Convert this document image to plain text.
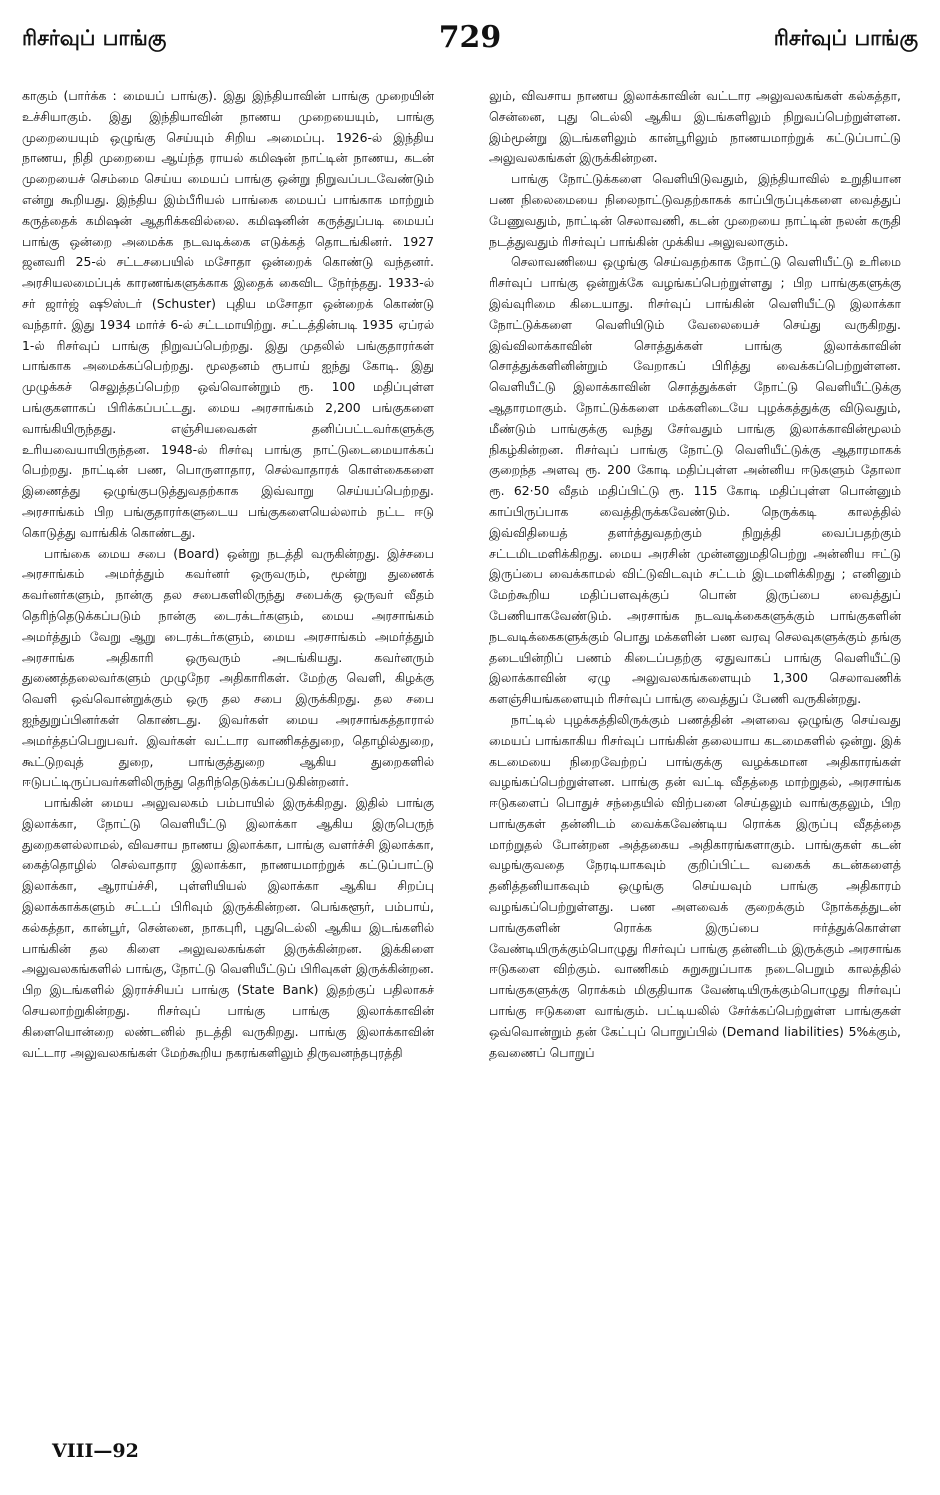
ரிசர்வுப் பாங்கு	729	ரிசர்வுப் பாங்கு

காகும் (பார்க்க : மையப் பாங்கு). இது இந்தியாவின் பாங்கு முறையின் உச்சியாகும். இது இந்தியாவின் நாணய முறையையும், பாங்கு முறையையும் ஒழுங்கு செய்யும் சிறிய அமைப்பு. 1926-ல் இந்திய நாணய, நிதி முறையை ஆய்ந்த ராயல் கமிஷன் நாட்டின் நாணய, கடன் முறையைச் செம்மை செய்ய மையப் பாங்கு ஒன்று நிறுவப்படவேண்டும் என்று கூறியது. இந்திய இம்பீரியல் பாங்கை மையப் பாங்காக மாற்றும் கருத்தைக் கமிஷன் ஆதரிக்கவில்லை. கமிஷனின் கருத்துப்படி மையப் பாங்கு ஒன்றை அமைக்க நடவடிக்கை எடுக்கத் தொடங்கினர். 1927 ஜனவரி 25-ல் சட்டசபையில் மசோதா ஒன்றைக் கொண்டு வந்தனர். அரசியலமைப்புக் காரணங்களுக்காக இதைக் கைவிட நேர்ந்தது. 1933-ல் சர் ஜார்ஜ் ஷூஸ்டர் (Schuster) புதிய மசோதா ஒன்றைக் கொண்டு வந்தார். இது 1934 மார்ச் 6-ல் சட்டமாயிற்று. சட்டத்தின்படி 1935 ஏப்ரல் 1-ல் ரிசர்வுப் பாங்கு நிறுவப்பெற்றது. இது முதலில் பங்குதாரர்கள் பாங்காக அமைக்கப்பெற்றது. மூலதனம் ரூபாய் ஐந்து கோடி. இது முழுக்கச் செலுத்தப்பெற்ற ஒவ்வொன்றும் ரூ. 100 மதிப்புள்ள பங்குகளாகப் பிரிக்கப்பட்டது. மைய அரசாங்கம் 2,200 பங்குகளை வாங்கியிருந்தது. எஞ்சியவைகள் தனிப்பட்டவர்களுக்கு உரியவையாயிருந்தன. 1948-ல் ரிசர்வு பாங்கு நாட்டுடைமையாக்கப் பெற்றது. நாட்டின் பண, பொருளாதார, செல்வாதாரக் கொள்கைகளை இணைத்து ஒழுங்குபடுத்துவதற்காக இவ்வாறு செய்யப்பெற்றது. அரசாங்கம் பிற பங்குதாரர்களுடைய பங்குகளையெல்லாம் நட்ட ஈடு கொடுத்து வாங்கிக் கொண்டது.

பாங்கை மைய சபை (Board) ஒன்று நடத்தி வருகின்றது. இச்சபை அரசாங்கம் அமர்த்தும் கவர்னர் ஒருவரும், மூன்று துணைக் கவர்னர்களும், நான்கு தல சபைகளிலிருந்து சபைக்கு ஒருவர் வீதம் தெரிந்தெடுக்கப்படும் நான்கு டைரக்டர்களும், மைய அரசாங்கம் அமர்த்தும் வேறு ஆறு டைரக்டர்களும், மைய அரசாங்கம் அமர்த்தும் அரசாங்க அதிகாரி ஒருவரும் அடங்கியது. கவர்னரும் துணைத்தலைவர்களும் முழுநேர அதிகாரிகள். மேற்கு வெளி, கிழக்கு வெளி ஒவ்வொன்றுக்கும் ஒரு தல சபை இருக்கிறது. தல சபை ஐந்துறுப்பினர்கள் கொண்டது. இவர்கள் மைய அரசாங்கத்தாரால் அமர்த்தப்பெறுபவர். இவர்கள் வட்டார வாணிகத்துறை, தொழில்துறை, கூட்டுறவுத் துறை, பாங்குத்துறை ஆகிய துறைகளில் ஈடுபட்டிருப்பவர்களிலிருந்து தெரிந்தெடுக்கப்படுகின்றனர்.

பாங்கின் மைய அலுவலகம் பம்பாயில் இருக்கிறது. இதில் பாங்கு இலாக்கா, நோட்டு வெளியீட்டு இலாக்கா ஆகிய இருபெருந் துறைகளல்லாமல், விவசாய நாணய இலாக்கா, பாங்கு வளர்ச்சி இலாக்கா, கைத்தொழில் செல்வாதார இலாக்கா, நாணயமாற்றுக் கட்டுப்பாட்டு இலாக்கா, ஆராய்ச்சி, புள்ளியியல் இலாக்கா ஆகிய சிறப்பு இலாக்காக்களும் சட்டப் பிரிவும் இருக்கின்றன. பெங்களூர், பம்பாய், கல்கத்தா, கான்பூர், சென்னை, நாகபுரி, புதுடெல்லி ஆகிய இடங்களில் பாங்கின் தல கிளை அலுவலகங்கள் இருக்கின்றன. இக்கிளை அலுவலகங்களில் பாங்கு, நோட்டு வெளியீட்டுப் பிரிவுகள் இருக்கின்றன. பிற இடங்களில் இராச்சியப் பாங்கு (State Bank) இதற்குப் பதிலாகச் செயலாற்றுகின்றது. ரிசர்வுப் பாங்கு பாங்கு இலாக்காவின் கிளையொன்றை லண்டனில் நடத்தி வருகிறது. பாங்கு இலாக்காவின் வட்டார அலுவலகங்கள் மேற்கூறிய நகரங்களிலும் திருவனந்தபுரத்தி

லும், விவசாய நாணய இலாக்காவின் வட்டார அலுவலகங்கள் கல்கத்தா, சென்னை, புது டெல்லி ஆகிய இடங்களிலும் நிறுவப்பெற்றுள்ளன. இம்மூன்று இடங்களிலும் கான்பூரிலும் நாணயமாற்றுக் கட்டுப்பாட்டு அலுவலகங்கள் இருக்கின்றன.

பாங்கு நோட்டுக்களை வெளியிடுவதும், இந்தியாவில் உறுதியான பண நிலைமையை நிலைநாட்டுவதற்காகக் காப்பிருப்புக்களை வைத்துப் பேணுவதும், நாட்டின் செலாவணி, கடன் முறையை நாட்டின் நலன் கருதி நடத்துவதும் ரிசர்வுப் பாங்கின் முக்கிய அலுவலாகும்.

செலாவணியை ஒழுங்கு செய்வதற்காக நோட்டு வெளியீட்டு உரிமை ரிசர்வுப் பாங்கு ஒன்றுக்கே வழங்கப்பெற்றுள்ளது ; பிற பாங்குகளுக்கு இவ்வுரிமை கிடையாது. ரிசர்வுப் பாங்கின் வெளியீட்டு இலாக்கா நோட்டுக்களை வெளியிடும் வேலையைச் செய்து வருகிறது. இவ்விலாக்காவின் சொத்துக்கள் பாங்கு இலாக்காவின் சொத்துக்களினின்றும் வேறாகப் பிரித்து வைக்கப்பெற்றுள்ளன. வெளியீட்டு இலாக்காவின் சொத்துக்கள் நோட்டு வெளியீட்டுக்கு ஆதாரமாகும். நோட்டுக்களை மக்களிடையே புழக்கத்துக்கு விடுவதும், மீண்டும் பாங்குக்கு வந்து சேர்வதும் பாங்கு இலாக்காவின்மூலம் நிகழ்கின்றன. ரிசர்வுப் பாங்கு நோட்டு வெளியீட்டுக்கு ஆதாரமாகக் குறைந்த அளவு ரூ. 200 கோடி மதிப்புள்ள அன்னிய ஈடுகளும் தோலா ரூ. 62·50 வீதம் மதிப்பிட்டு ரூ. 115 கோடி மதிப்புள்ள பொன்னும் காப்பிருப்பாக வைத்திருக்கவேண்டும். நெருக்கடி காலத்தில் இவ்விதியைத் தளர்த்துவதற்கும் நிறுத்தி வைப்பதற்கும் சட்டமிடமளிக்கிறது. மைய அரசின் முன்னனுமதிபெற்று அன்னிய ஈட்டு இருப்பை வைக்காமல் விட்டுவிடவும் சட்டம் இடமளிக்கிறது ; எனினும் மேற்கூறிய மதிப்பளவுக்குப் பொன் இருப்பை வைத்துப் பேணியாகவேண்டும். அரசாங்க நடவடிக்கைகளுக்கும் பாங்குகளின் நடவடிக்கைகளுக்கும் பொது மக்களின் பண வரவு செலவுகளுக்கும் தங்கு தடையின்றிப் பணம் கிடைப்பதற்கு ஏதுவாகப் பாங்கு வெளியீட்டு இலாக்காவின் ஏழு அலுவலகங்களையும் 1,300 செலாவணிக் களஞ்சியங்களையும் ரிசர்வுப் பாங்கு வைத்துப் பேணி வருகின்றது.

நாட்டில் புழக்கத்திலிருக்கும் பணத்தின் அளவை ஒழுங்கு செய்வது மையப் பாங்காகிய ரிசர்வுப் பாங்கின் தலையாய கடமைகளில் ஒன்று. இக் கடமையை நிறைவேற்றப் பாங்குக்கு வழக்கமான அதிகாரங்கள் வழங்கப்பெற்றுள்ளன. பாங்கு தன் வட்டி வீதத்தை மாற்றுதல், அரசாங்க ஈடுகளைப் பொதுச் சந்தையில் விற்பனை செய்தலும் வாங்குதலும், பிற பாங்குகள் தன்னிடம் வைக்கவேண்டிய ரொக்க இருப்பு வீதத்தை மாற்றுதல் போன்றன அத்தகைய அதிகாரங்களாகும். பாங்குகள் கடன் வழங்குவதை நேரடியாகவும் குறிப்பிட்ட வகைக் கடன்களைத் தனித்தனியாகவும் ஒழுங்கு செய்யவும் பாங்கு அதிகாரம் வழங்கப்பெற்றுள்ளது. பண அளவைக் குறைக்கும் நோக்கத்துடன் பாங்குகளின் ரொக்க இருப்பை ஈர்த்துக்கொள்ள வேண்டியிருக்கும்பொழுது ரிசர்வுப் பாங்கு தன்னிடம் இருக்கும் அரசாங்க ஈடுகளை விற்கும். வாணிகம் சுறுசுறுப்பாக நடைபெறும் காலத்தில் பாங்குகளுக்கு ரொக்கம் மிகுதியாக வேண்டியிருக்கும்பொழுது ரிசர்வுப் பாங்கு ஈடுகளை வாங்கும். பட்டியலில் சேர்க்கப்பெற்றுள்ள பாங்குகள் ஒவ்வொன்றும் தன் கேட்புப் பொறுப்பில் (Demand liabilities) 5%க்கும், தவணைப் பொறுப்

VIII—92
